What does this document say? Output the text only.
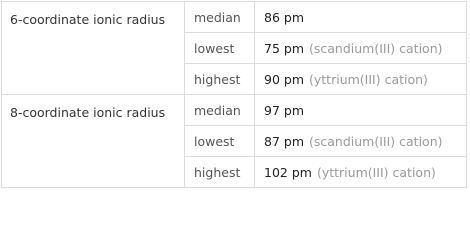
6-coordinate ionic radius	median	86 pm
	lowest	75 pm (scandium(III) cation)
	highest	90 pm (yttrium(III) cation)
8-coordinate ionic radius	median	97 pm
	lowest	87 pm (scandium(III) cation)
	highest	102 pm (yttrium(III) cation)
